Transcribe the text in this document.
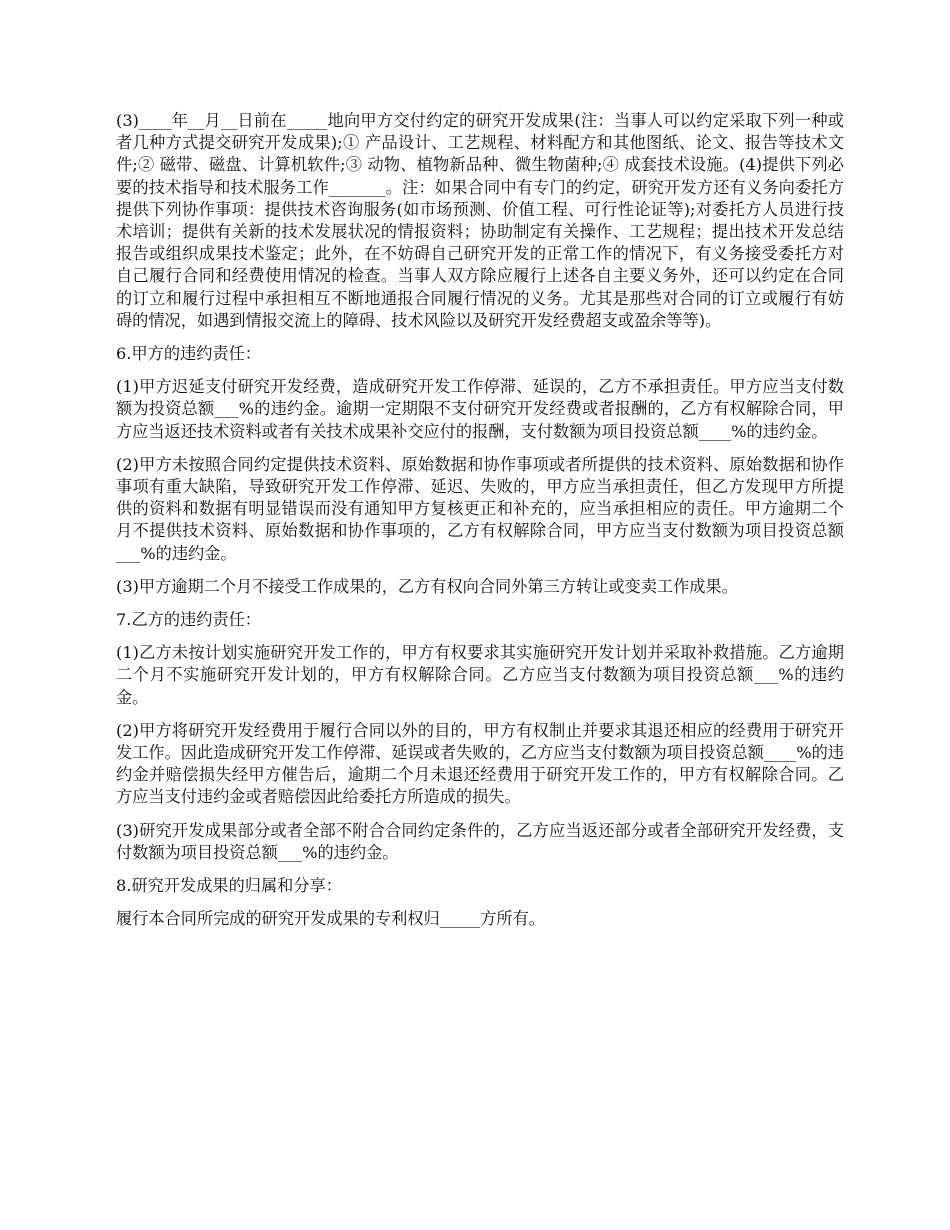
(3)____年__月__日前在_____地向甲方交付约定的研究开发成果(注：当事人可以约定采取下列一种或者几种方式提交研究开发成果);① 产品设计、工艺规程、材料配方和其他图纸、论文、报告等技术文件;② 磁带、磁盘、计算机软件;③ 动物、植物新品种、微生物菌种;④ 成套技术设施。(4)提供下列必要的技术指导和技术服务工作_______。注：如果合同中有专门的约定，研究开发方还有义务向委托方提供下列协作事项：提供技术咨询服务(如市场预测、价值工程、可行性论证等);对委托方人员进行技术培训；提供有关新的技术发展状况的情报资料；协助制定有关操作、工艺规程；提出技术开发总结报告或组织成果技术鉴定；此外，在不妨碍自己研究开发的正常工作的情况下，有义务接受委托方对自己履行合同和经费使用情况的检查。当事人双方除应履行上述各自主要义务外，还可以约定在合同的订立和履行过程中承担相互不断地通报合同履行情况的义务。尤其是那些对合同的订立或履行有妨碍的情况，如遇到情报交流上的障碍、技术风险以及研究开发经费超支或盈余等等)。

6.甲方的违约责任：

(1)甲方迟延支付研究开发经费，造成研究开发工作停滞、延误的，乙方不承担责任。甲方应当支付数额为投资总额___%的违约金。逾期一定期限不支付研究开发经费或者报酬的，乙方有权解除合同，甲方应当返还技术资料或者有关技术成果补交应付的报酬，支付数额为项目投资总额____%的违约金。

(2)甲方未按照合同约定提供技术资料、原始数据和协作事项或者所提供的技术资料、原始数据和协作事项有重大缺陷，导致研究开发工作停滞、延迟、失败的，甲方应当承担责任，但乙方发现甲方所提供的资料和数据有明显错误而没有通知甲方复核更正和补充的，应当承担相应的责任。甲方逾期二个月不提供技术资料、原始数据和协作事项的，乙方有权解除合同，甲方应当支付数额为项目投资总额___%的违约金。

(3)甲方逾期二个月不接受工作成果的，乙方有权向合同外第三方转让或变卖工作成果。

7.乙方的违约责任：

(1)乙方未按计划实施研究开发工作的，甲方有权要求其实施研究开发计划并采取补救措施。乙方逾期二个月不实施研究开发计划的，甲方有权解除合同。乙方应当支付数额为项目投资总额___%的违约金。

(2)甲方将研究开发经费用于履行合同以外的目的，甲方有权制止并要求其退还相应的经费用于研究开发工作。因此造成研究开发工作停滞、延误或者失败的，乙方应当支付数额为项目投资总额____%的违约金并赔偿损失经甲方催告后，逾期二个月未退还经费用于研究开发工作的，甲方有权解除合同。乙方应当支付违约金或者赔偿因此给委托方所造成的损失。

(3)研究开发成果部分或者全部不附合合同约定条件的，乙方应当返还部分或者全部研究开发经费，支付数额为项目投资总额___%的违约金。

8.研究开发成果的归属和分享：

履行本合同所完成的研究开发成果的专利权归_____方所有。
